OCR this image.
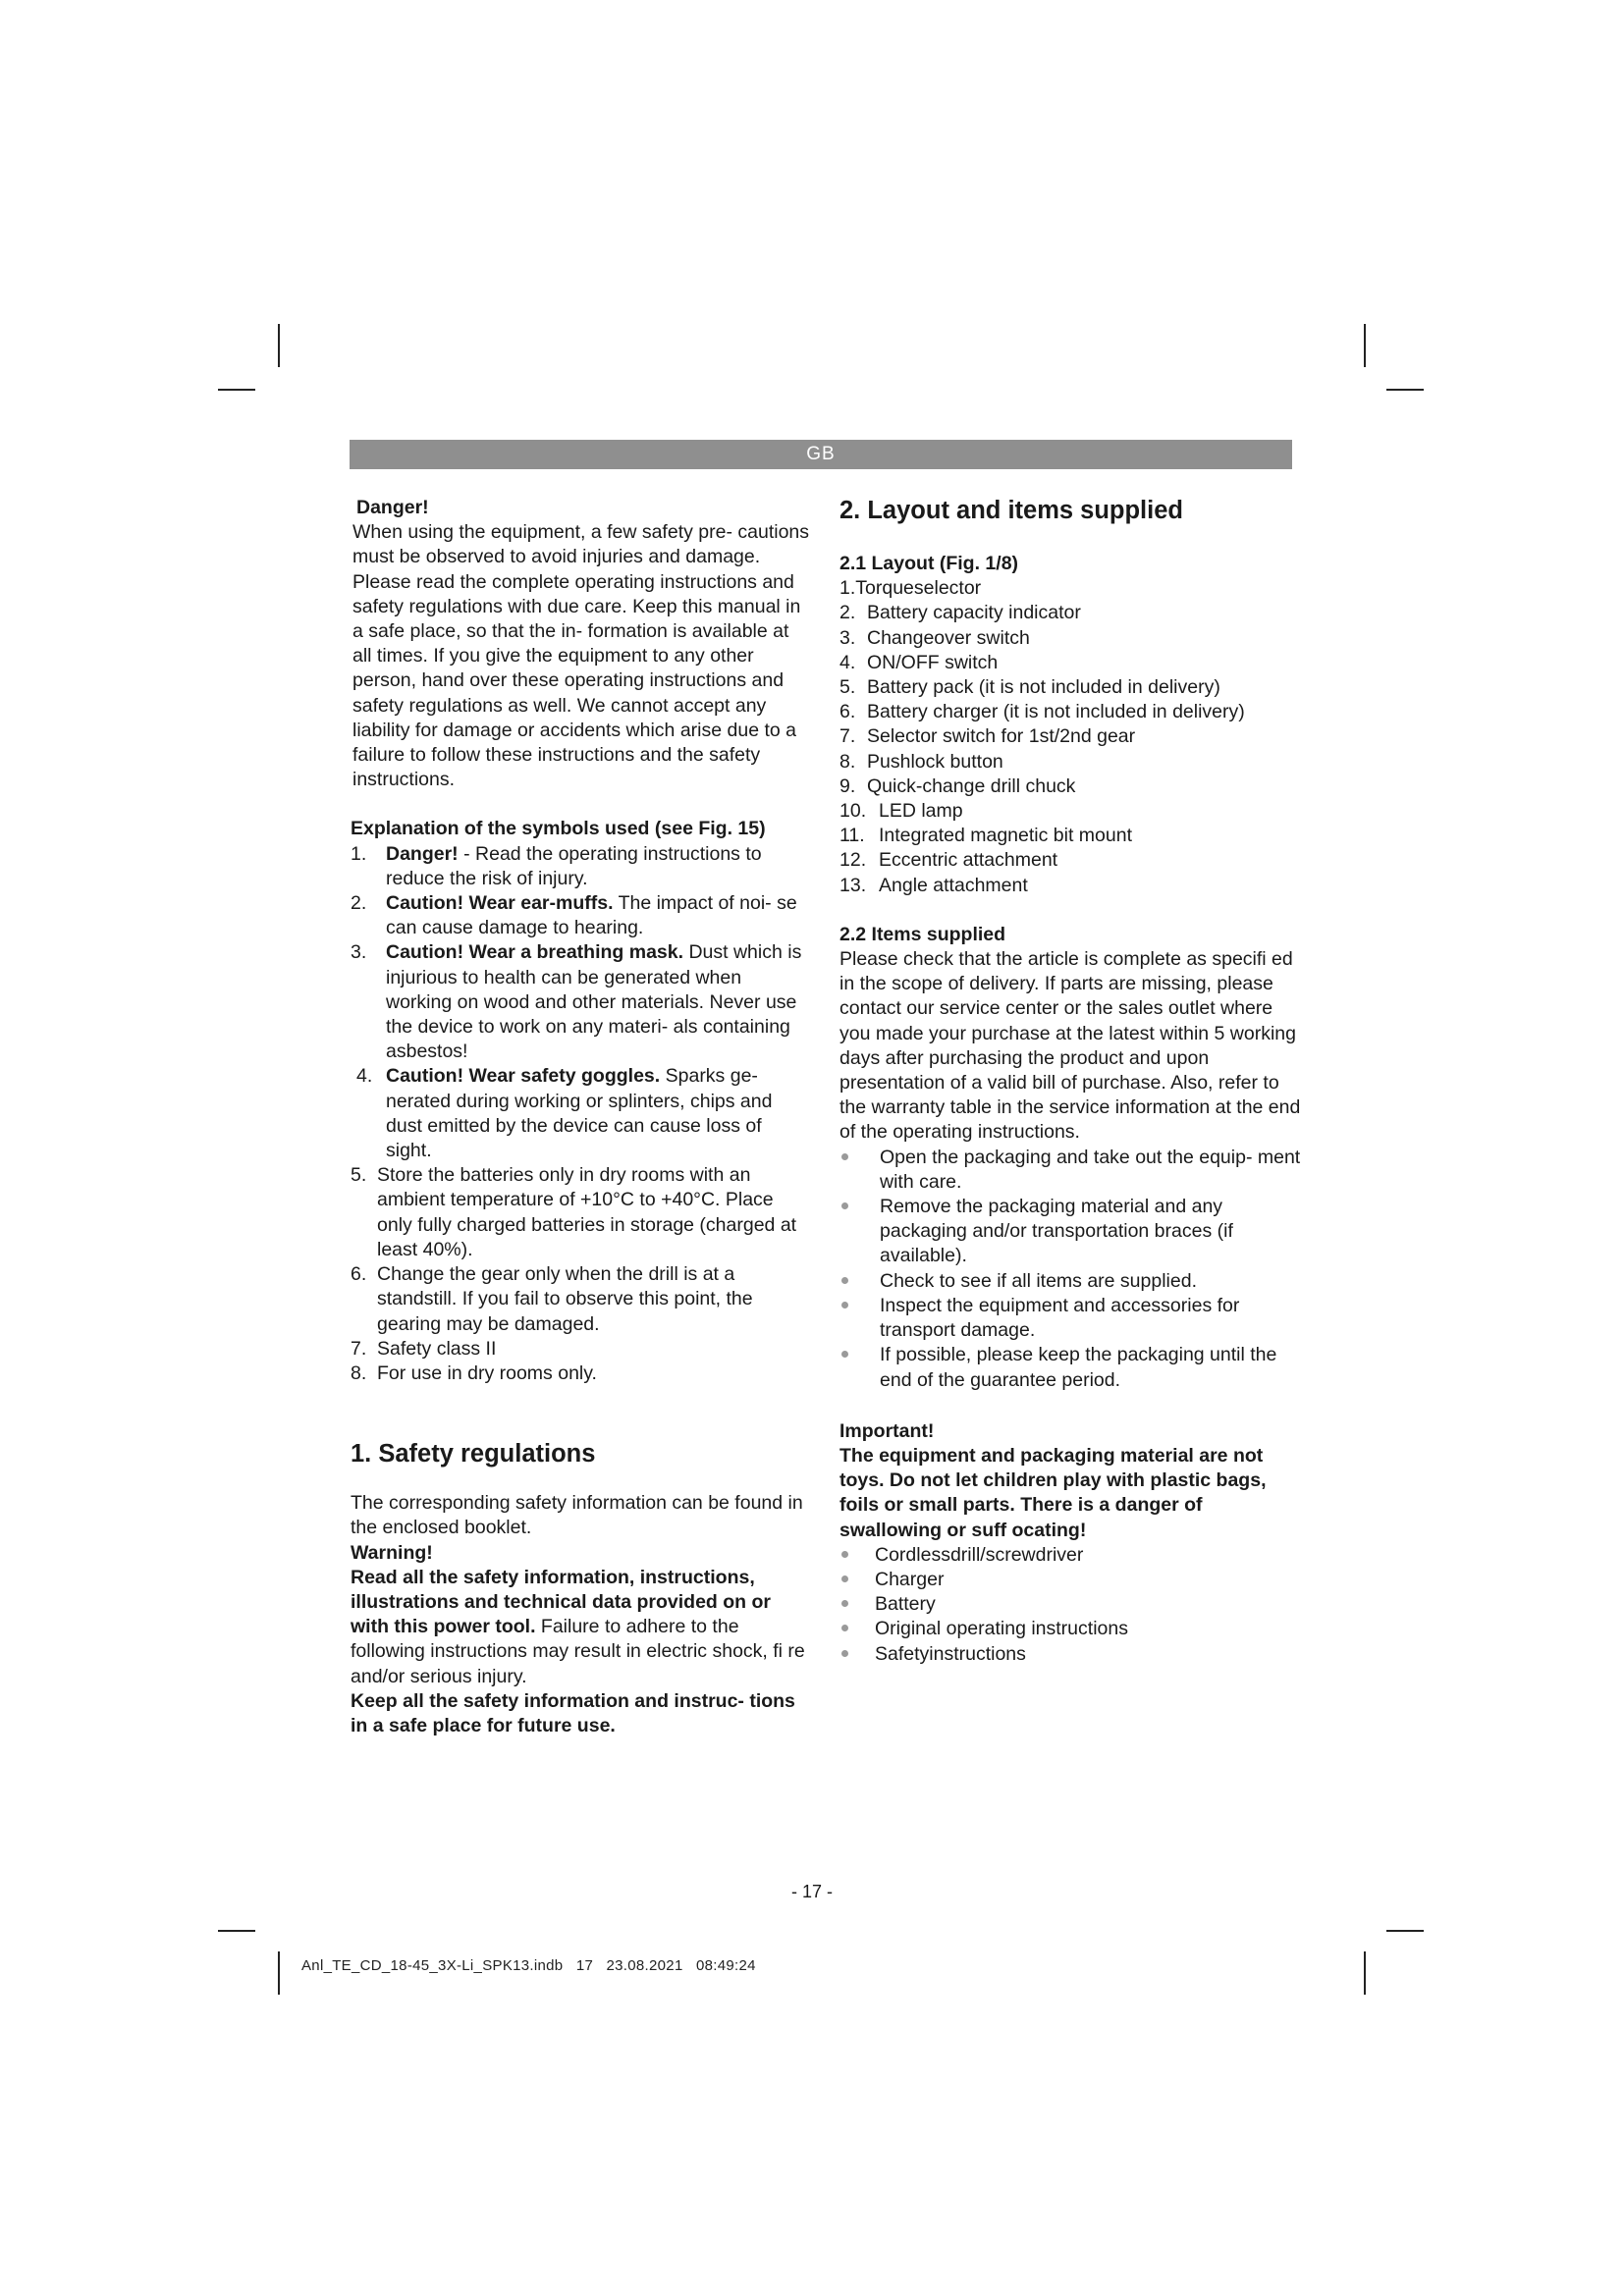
GB

Danger!

When using the equipment, a few safety pre- cautions must be observed to avoid injuries and damage. Please read the complete operating instructions and safety regulations with due care. Keep this manual in a safe place, so that the in- formation is available at all times. If you give the equipment to any other person, hand over these operating instructions and safety regulations as well. We cannot accept any liability for damage or accidents which arise due to a failure to follow these instructions and the safety instructions.

Explanation of the symbols used (see Fig. 15)

1.	Danger! - Read the operating instructions to reduce the risk of injury.
2.	Caution! Wear ear-muffs. The impact of noi- se can cause damage to hearing.
3.	Caution! Wear a breathing mask. Dust which is injurious to health can be generated when working on wood and other materials. Never use the device to work on any materi- als containing asbestos!
4. Caution! Wear safety goggles. Sparks ge- nerated during working or splinters, chips and dust emitted by the device can cause loss of sight.
5. Store the batteries only in dry rooms with an ambient temperature of +10°C to +40°C. Place only fully charged batteries in storage (charged at least 40%).
6. Change the gear only when the drill is at a standstill. If you fail to observe this point, the gearing may be damaged.
7. Safety class II
8. For use in dry rooms only.
1. Safety regulations

The corresponding safety information can be found in the enclosed booklet.

Warning!

Read all the safety information, instructions, illustrations and technical data provided on or with this power tool. Failure to adhere to the following instructions may result in electric shock, fi re and/or serious injury.

Keep all the safety information and instruc- tions in a safe place for future use.

2. Layout and items supplied

2.1 Layout (Fig. 1/8)

1. Torqueselector
2. Battery capacity indicator
3. Changeover switch
4. ON/OFF switch
5. Battery pack (it is not included in delivery)
6. Battery charger (it is not included in delivery)
7. Selector switch for 1st/2nd gear
8. Pushlock button
9. Quick-change drill chuck
10. LED lamp
11. Integrated magnetic bit mount
12. Eccentric attachment
13. Angle attachment

2.2 Items supplied

Please check that the article is complete as specifi ed in the scope of delivery. If parts are missing, please contact our service center or the sales outlet where you made your purchase at the latest within 5 working days after purchasing the product and upon presentation of a valid bill of purchase. Also, refer to the warranty table in the service information at the end of the operating instructions.

Open the packaging and take out the equip- ment with care.
Remove the packaging material and any packaging and/or transportation braces (if available).
Check to see if all items are supplied.
Inspect the equipment and accessories for transport damage.
If possible, please keep the packaging until the end of the guarantee period.

Important!

The equipment and packaging material are not toys. Do not let children play with plastic bags, foils or small parts. There is a danger of swallowing or suff ocating!

Cordlessdrill/screwdriver
Charger
Battery
Original operating instructions
Safetyinstructions
- 17 -
Anl_TE_CD_18-45_3X-Li_SPK13.indb   17   23.08.2021   08:49:24
